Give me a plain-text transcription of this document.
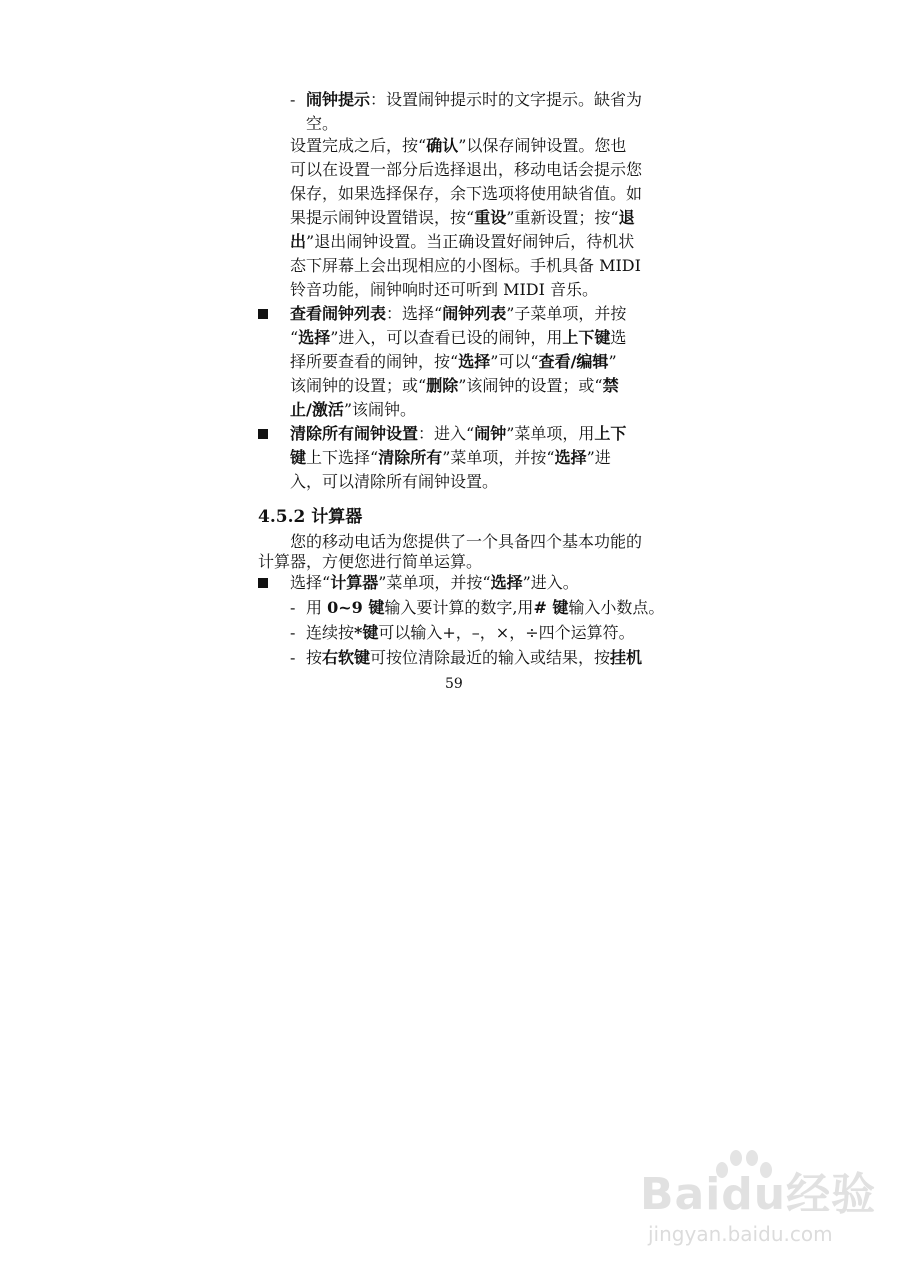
- 闹钟提示：设置闹钟提示时的文字提示。缺省为
空。
设置完成之后，按“确认”以保存闹钟设置。您也
可以在设置一部分后选择退出，移动电话会提示您
保存，如果选择保存，余下选项将使用缺省值。如
果提示闹钟设置错误，按“重设”重新设置；按“退
出”退出闹钟设置。当正确设置好闹钟后，待机状
态下屏幕上会出现相应的小图标。手机具备 MIDI
铃音功能，闹钟响时还可听到 MIDI 音乐。
查看闹钟列表：选择“闹钟列表”子菜单项，并按
“选择”进入，可以查看已设的闹钟，用上下键选
择所要查看的闹钟，按“选择”可以“查看/编辑”
该闹钟的设置；或“删除”该闹钟的设置；或“禁
止/激活”该闹钟。
清除所有闹钟设置：进入“闹钟”菜单项，用上下
键上下选择“清除所有”菜单项，并按“选择”进
入，可以清除所有闹钟设置。
4.5.2 计算器
您的移动电话为您提供了一个具备四个基本功能的
计算器，方便您进行简单运算。
选择“计算器”菜单项，并按“选择”进入。
- 用 0~9 键输入要计算的数字,用# 键输入小数点。
- 连续按*键可以输入+，–，×，÷四个运算符。
- 按右软键可按位清除最近的输入或结果，按挂机
59
Baidu经验
jingyan.baidu.com
